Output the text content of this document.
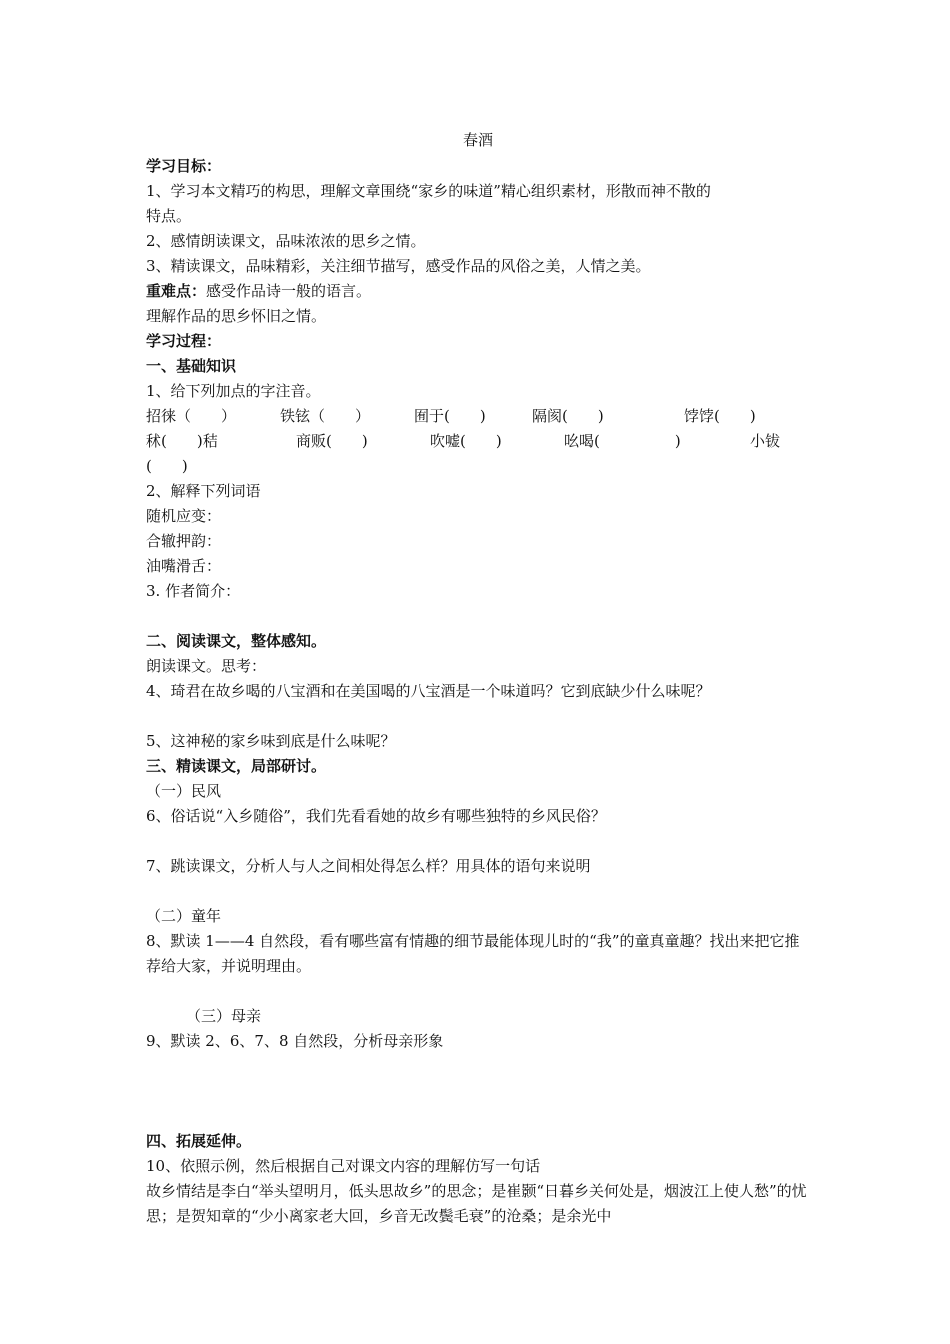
春酒
学习目标：
1、学习本文精巧的构思，理解文章围绕“家乡的味道”精心组织素材，形散而神不散的
特点。
2、感情朗读课文，品味浓浓的思乡之情。
3、精读课文，品味精彩，关注细节描写，感受作品的风俗之美，人情之美。
重难点：感受作品诗一般的语言。
理解作品的思乡怀旧之情。
学习过程：
一、基础知识
1、给下列加点的字注音。
招徕（　　）	铁铉（　　）	囿于(　　)	隔阂(　　)	饽饽(　　)
秫(　　)秸	商贩(　　)	吹嘘(　　)	吆喝(　　　　　)	小钹
(　　)
2、解释下列词语
随机应变：
合辙押韵：
油嘴滑舌：
3. 作者简介：
二、阅读课文，整体感知。
朗读课文。思考：
4、琦君在故乡喝的八宝酒和在美国喝的八宝酒是一个味道吗？它到底缺少什么味呢？
5、这神秘的家乡味到底是什么味呢？
三、精读课文，局部研讨。
（一）民风
6、俗话说“入乡随俗”，我们先看看她的故乡有哪些独特的乡风民俗？
7、跳读课文，分析人与人之间相处得怎么样？用具体的语句来说明
（二）童年
8、默读 1——4 自然段，看有哪些富有情趣的细节最能体现儿时的“我”的童真童趣？找出来把它推荐给大家，并说明理由。
（三）母亲
9、默读 2、6、7、8 自然段，分析母亲形象
四、拓展延伸。
10、依照示例，然后根据自己对课文内容的理解仿写一句话
故乡情结是李白“举头望明月，低头思故乡”的思念；是崔颢“日暮乡关何处是，烟波江上使人愁”的忧思；是贺知章的“少小离家老大回，乡音无改鬓毛衰”的沧桑；是余光中
